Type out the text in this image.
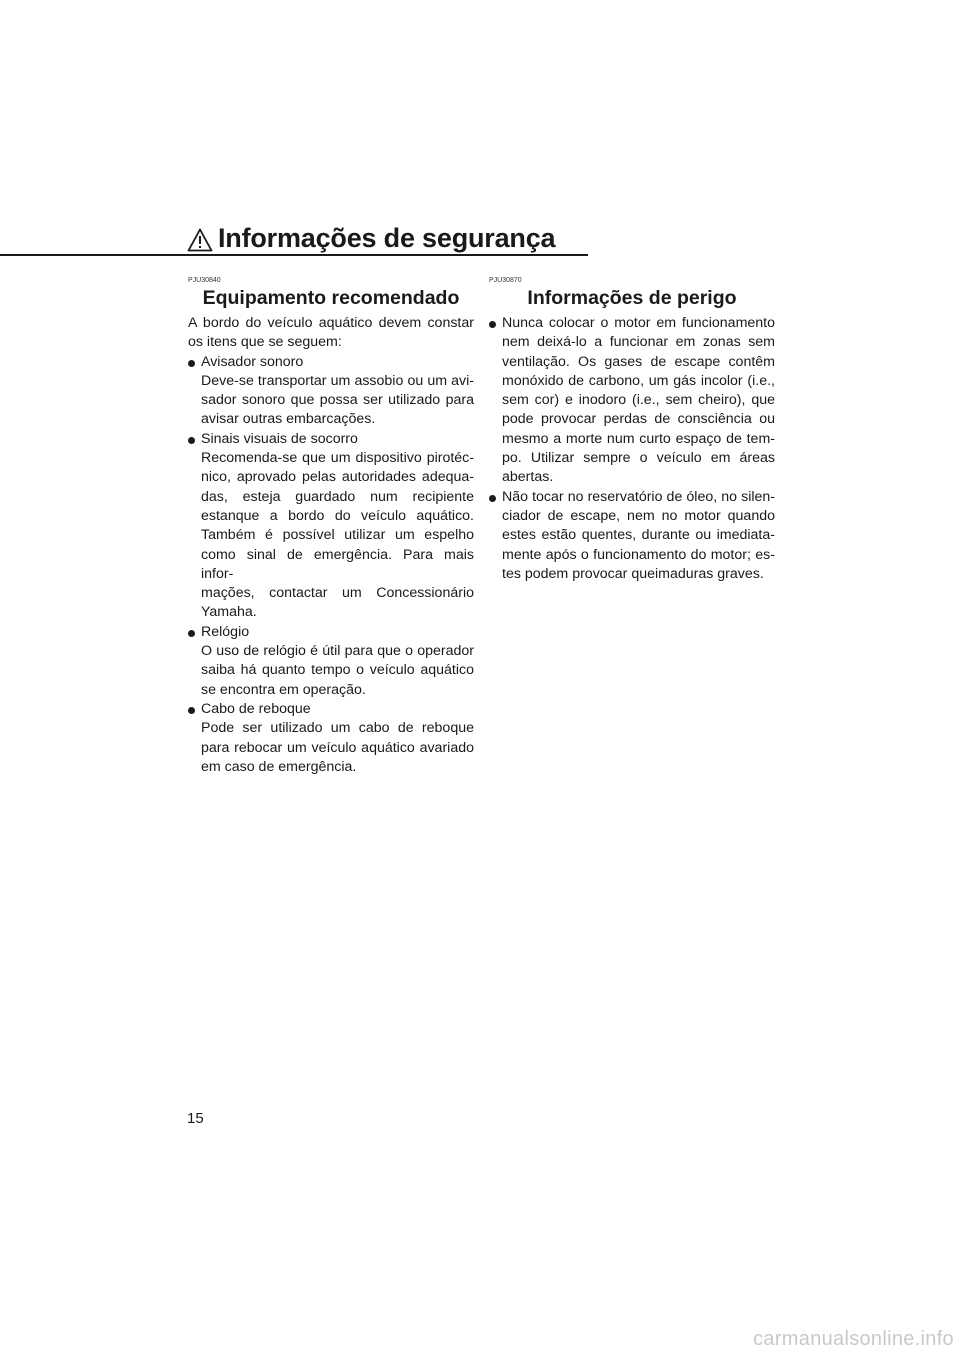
Informações de segurança
PJU30840
Equipamento recomendado
A bordo do veículo aquático devem constar
os itens que se seguem:
Avisador sonoro
Deve-se transportar um assobio ou um avi-
sador sonoro que possa ser utilizado para
avisar outras embarcações.
Sinais visuais de socorro
Recomenda-se que um dispositivo pirotéc-
nico, aprovado pelas autoridades adequa-
das, esteja guardado num recipiente
estanque a bordo do veículo aquático.
Também é possível utilizar um espelho
como sinal de emergência. Para mais infor-
mações, contactar um Concessionário
Yamaha.
Relógio
O uso de relógio é útil para que o operador
saiba há quanto tempo o veículo aquático
se encontra em operação.
Cabo de reboque
Pode ser utilizado um cabo de reboque
para rebocar um veículo aquático avariado
em caso de emergência.
PJU30870
Informações de perigo
Nunca colocar o motor em funcionamento
nem deixá-lo a funcionar em zonas sem
ventilação. Os gases de escape contêm
monóxido de carbono, um gás incolor (i.e.,
sem cor) e inodoro (i.e., sem cheiro), que
pode provocar perdas de consciência ou
mesmo a morte num curto espaço de tem-
po. Utilizar sempre o veículo em áreas
abertas.
Não tocar no reservatório de óleo, no silen-
ciador de escape, nem no motor quando
estes estão quentes, durante ou imediata-
mente após o funcionamento do motor; es-
tes podem provocar queimaduras graves.
15
carmanualsonline.info
